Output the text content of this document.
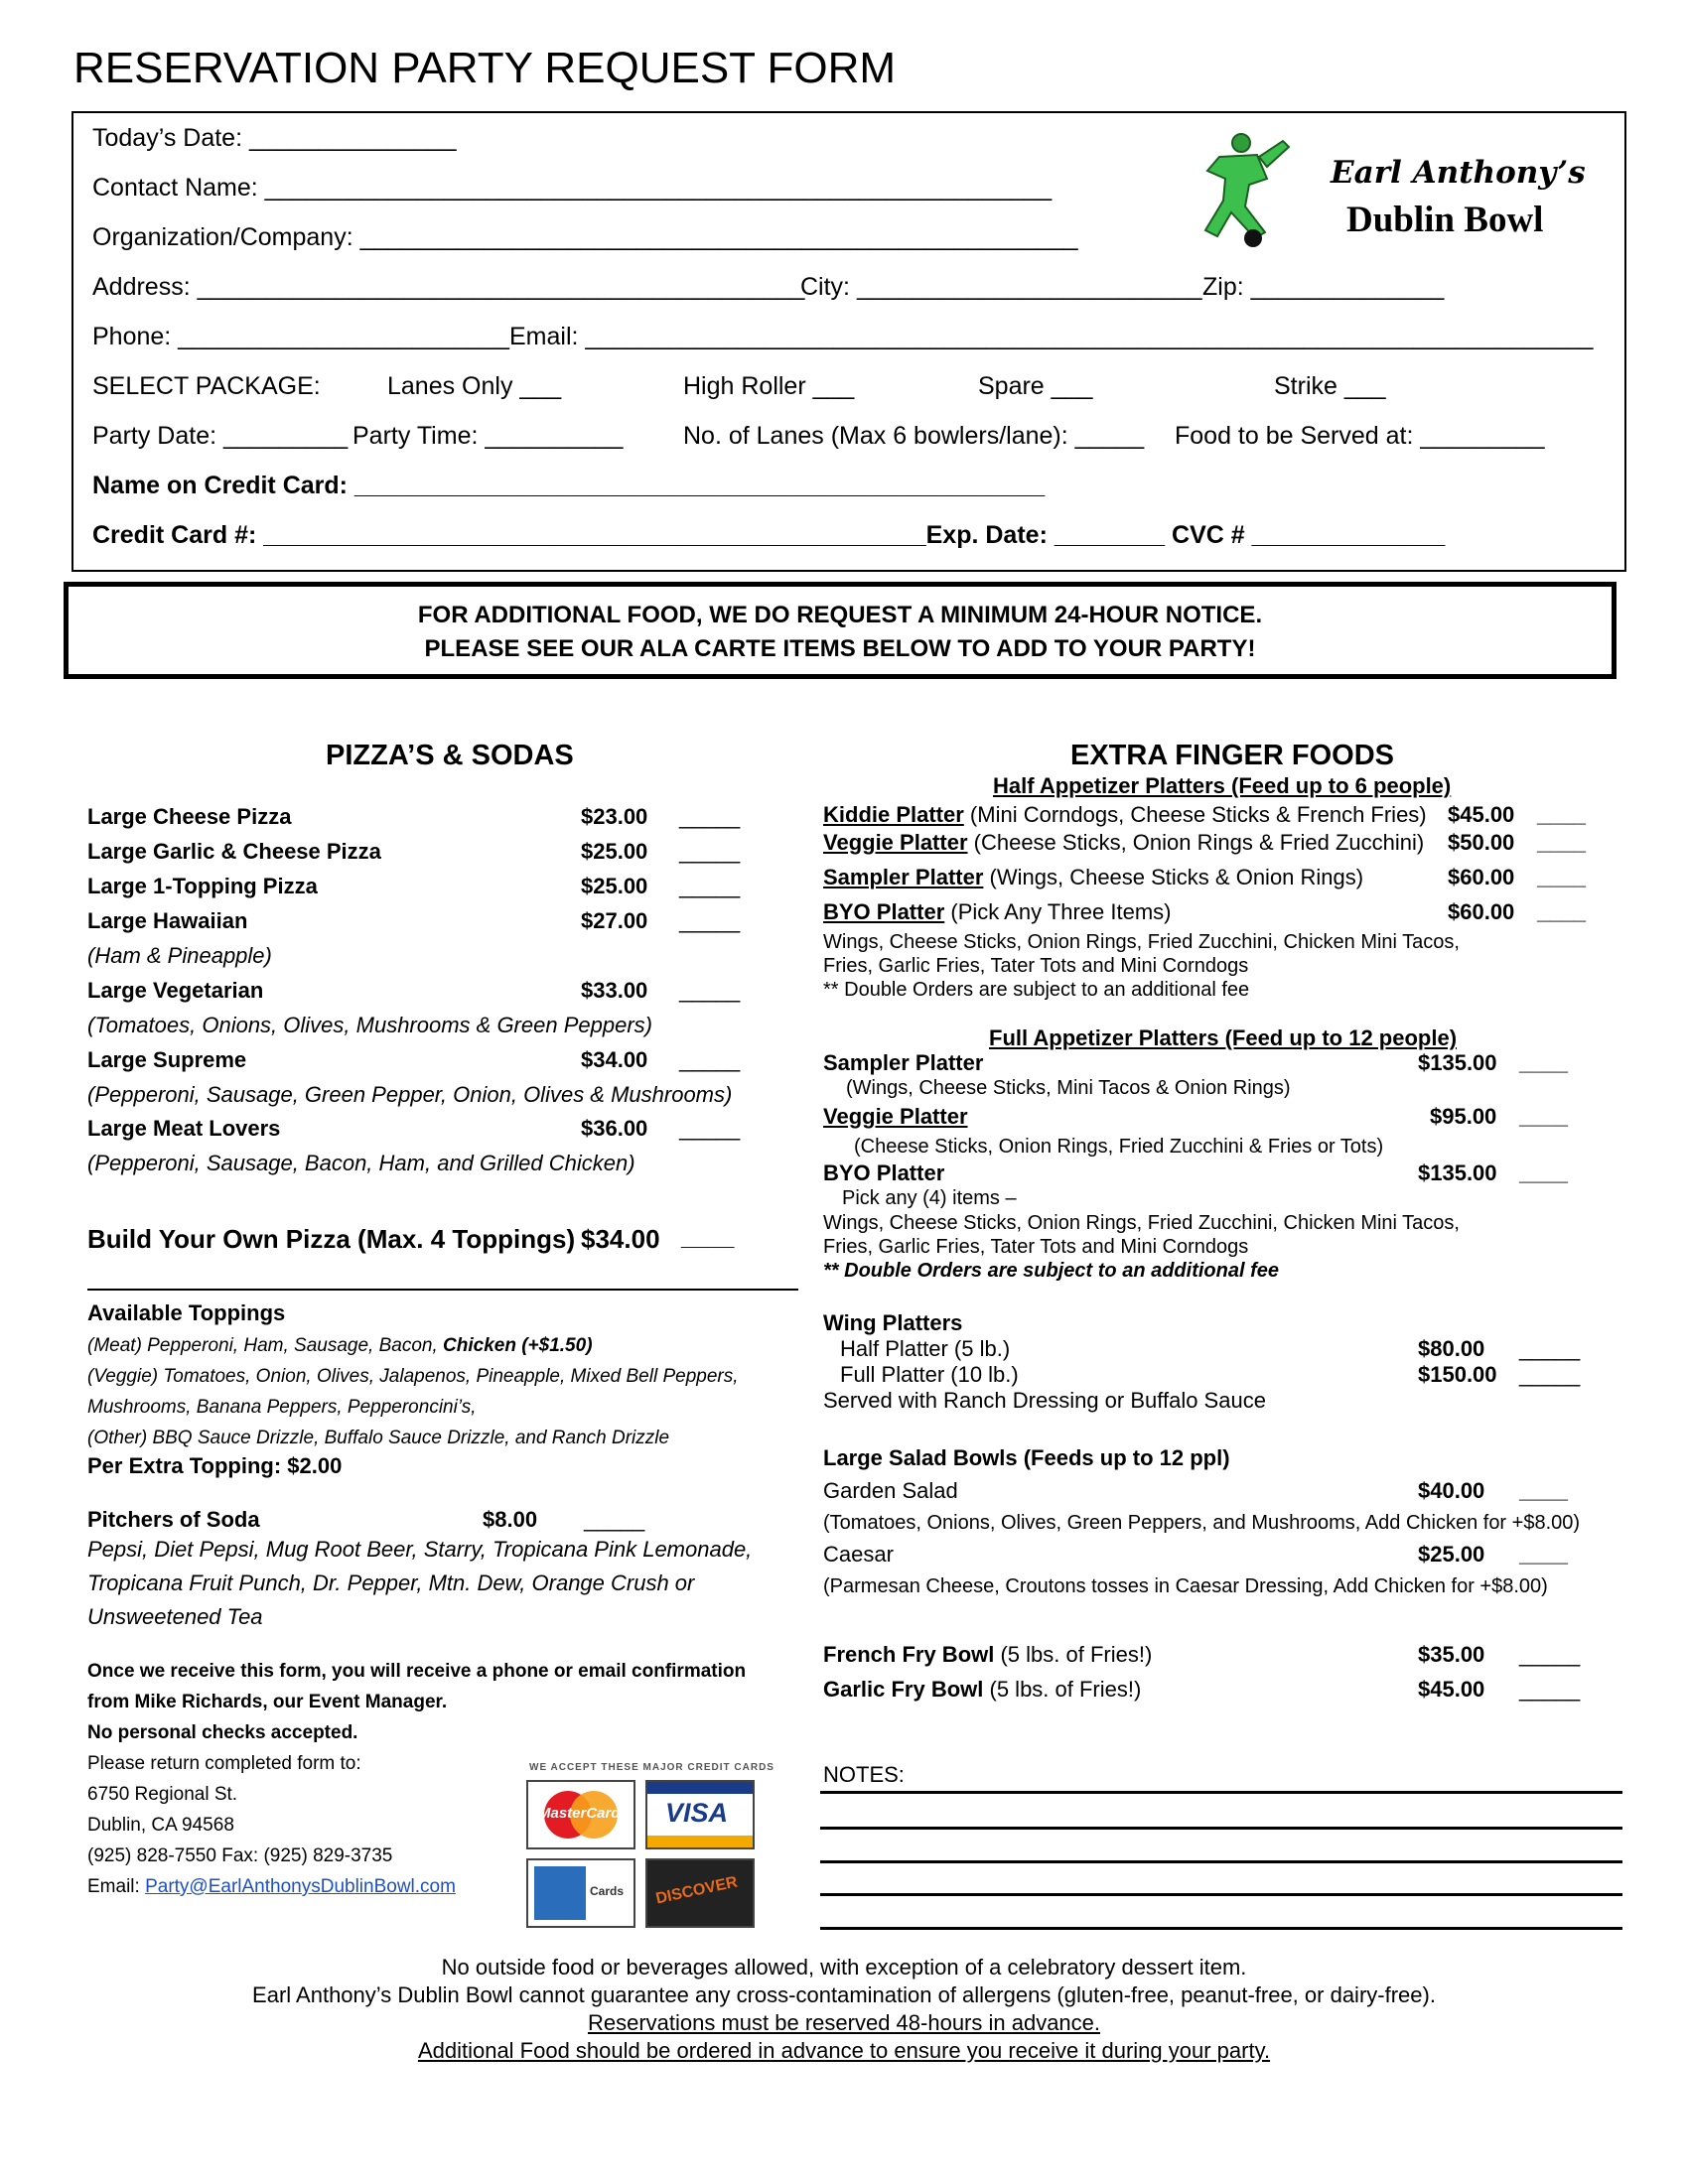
RESERVATION PARTY REQUEST FORM
Today’s Date: _______________
Contact Name: _________________________________________________________
Organization/Company: ____________________________________________________
Address: ____________________________________________
City: _________________________ Zip: ______________
Phone: ________________________ Email: _________________________________________________________________________
SELECT PACKAGE:	Lanes Only ___	High Roller ___	Spare ___	Strike ___
Party Date: _________ Party Time: __________ No. of Lanes (Max 6 bowlers/lane): _____ Food to be Served at: _________
Name on Credit Card: __________________________________________________
Credit Card #: ________________________________________________Exp. Date: ________ CVC # ______________
Earl Anthony’s
Dublin Bowl
FOR ADDITIONAL FOOD, WE DO REQUEST A MINIMUM 24-HOUR NOTICE.
PLEASE SEE OUR ALA CARTE ITEMS BELOW TO ADD TO YOUR PARTY!
PIZZA’S & SODAS
Large Cheese Pizza	$23.00 _____
Large Garlic & Cheese Pizza	$25.00 _____
Large 1-Topping Pizza	$25.00 _____
Large Hawaiian	$27.00 _____
(Ham & Pineapple)
Large Vegetarian	$33.00 _____
(Tomatoes, Onions, Olives, Mushrooms & Green Peppers)
Large Supreme	$34.00 _____
(Pepperoni, Sausage, Green Pepper, Onion, Olives & Mushrooms)
Large Meat Lovers	$36.00 _____
(Pepperoni, Sausage, Bacon, Ham, and Grilled Chicken)
Build Your Own Pizza (Max. 4 Toppings) $34.00 ____
Available Toppings
(Meat) Pepperoni, Ham, Sausage, Bacon, Chicken (+$1.50)
(Veggie) Tomatoes, Onion, Olives, Jalapenos, Pineapple, Mixed Bell Peppers,
Mushrooms, Banana Peppers, Pepperoncini’s,
(Other) BBQ Sauce Drizzle, Buffalo Sauce Drizzle, and Ranch Drizzle
Per Extra Topping: $2.00
Pitchers of Soda	$8.00 _____
Pepsi, Diet Pepsi, Mug Root Beer, Starry, Tropicana Pink Lemonade,
Tropicana Fruit Punch, Dr. Pepper, Mtn. Dew, Orange Crush or
Unsweetened Tea
Once we receive this form, you will receive a phone or email confirmation
from Mike Richards, our Event Manager.
No personal checks accepted.
Please return completed form to:
6750 Regional St.
Dublin, CA 94568
(925) 828-7550 Fax: (925) 829-3735
Email: Party@EarlAnthonysDublinBowl.com
WE ACCEPT THESE MAJOR CREDIT CARDS
MasterCard VISA
Cards DISCOVER
EXTRA FINGER FOODS
Half Appetizer Platters (Feed up to 6 people)
Kiddie Platter (Mini Corndogs, Cheese Sticks & French Fries) $45.00 ____
Veggie Platter (Cheese Sticks, Onion Rings & Fried Zucchini) $50.00 ____
Sampler Platter (Wings, Cheese Sticks & Onion Rings)	$60.00 ____
BYO Platter (Pick Any Three Items)	$60.00 ____
Wings, Cheese Sticks, Onion Rings, Fried Zucchini, Chicken Mini Tacos,
Fries, Garlic Fries, Tater Tots and Mini Corndogs
** Double Orders are subject to an additional fee
Full Appetizer Platters (Feed up to 12 people)
Sampler Platter	$135.00 ____
(Wings, Cheese Sticks, Mini Tacos & Onion Rings)
Veggie Platter	$95.00 ____
(Cheese Sticks, Onion Rings, Fried Zucchini & Fries or Tots)
BYO Platter	$135.00 ____
Pick any (4) items –
Wings, Cheese Sticks, Onion Rings, Fried Zucchini, Chicken Mini Tacos,
Fries, Garlic Fries, Tater Tots and Mini Corndogs
** Double Orders are subject to an additional fee
Wing Platters
Half Platter (5 lb.)	$80.00 _____
Full Platter (10 lb.)	$150.00 _____
Served with Ranch Dressing or Buffalo Sauce
Large Salad Bowls (Feeds up to 12 ppl)
Garden Salad	$40.00 ____
(Tomatoes, Onions, Olives, Green Peppers, and Mushrooms, Add Chicken for +$8.00)
Caesar	$25.00 ____
(Parmesan Cheese, Croutons tosses in Caesar Dressing, Add Chicken for +$8.00)
French Fry Bowl (5 lbs. of Fries!)	$35.00 _____
Garlic Fry Bowl (5 lbs. of Fries!)	$45.00 _____
NOTES:
No outside food or beverages allowed, with exception of a celebratory dessert item.
Earl Anthony’s Dublin Bowl cannot guarantee any cross-contamination of allergens (gluten-free, peanut-free, or dairy-free).
Reservations must be reserved 48-hours in advance.
Additional Food should be ordered in advance to ensure you receive it during your party.
